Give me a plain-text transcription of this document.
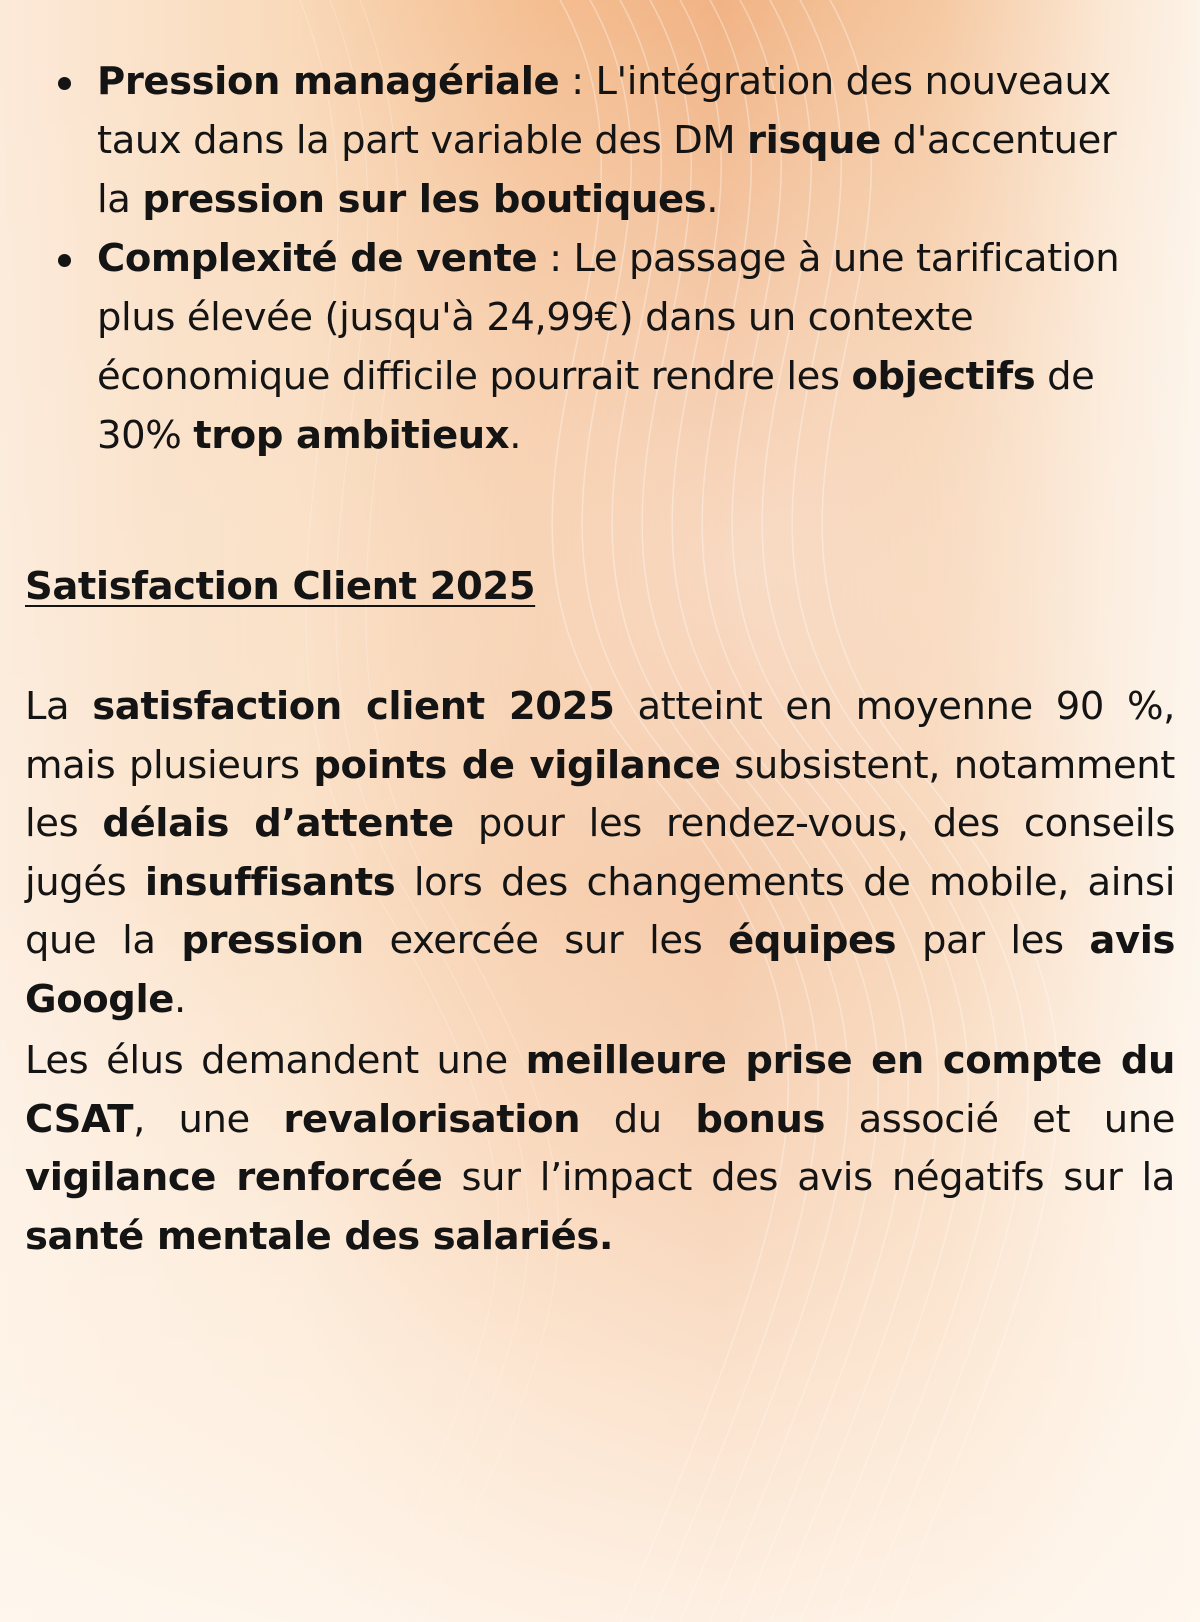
Pression managériale : L'intégration des nouveaux taux dans la part variable des DM risque d'accentuer la pression sur les boutiques.
Complexité de vente : Le passage à une tarification plus élevée (jusqu'à 24,99€) dans un contexte économique difficile pourrait rendre les objectifs de 30% trop ambitieux.
Satisfaction Client 2025

La satisfaction client 2025 atteint en moyenne 90 %, mais plusieurs points de vigilance subsistent, notamment les délais d’attente pour les rendez-vous, des conseils jugés insuffisants lors des changements de mobile, ainsi que la pression exercée sur les équipes par les avis Google.

Les élus demandent une meilleure prise en compte du CSAT, une revalorisation du bonus associé et une vigilance renforcée sur l’impact des avis négatifs sur la santé mentale des salariés.
